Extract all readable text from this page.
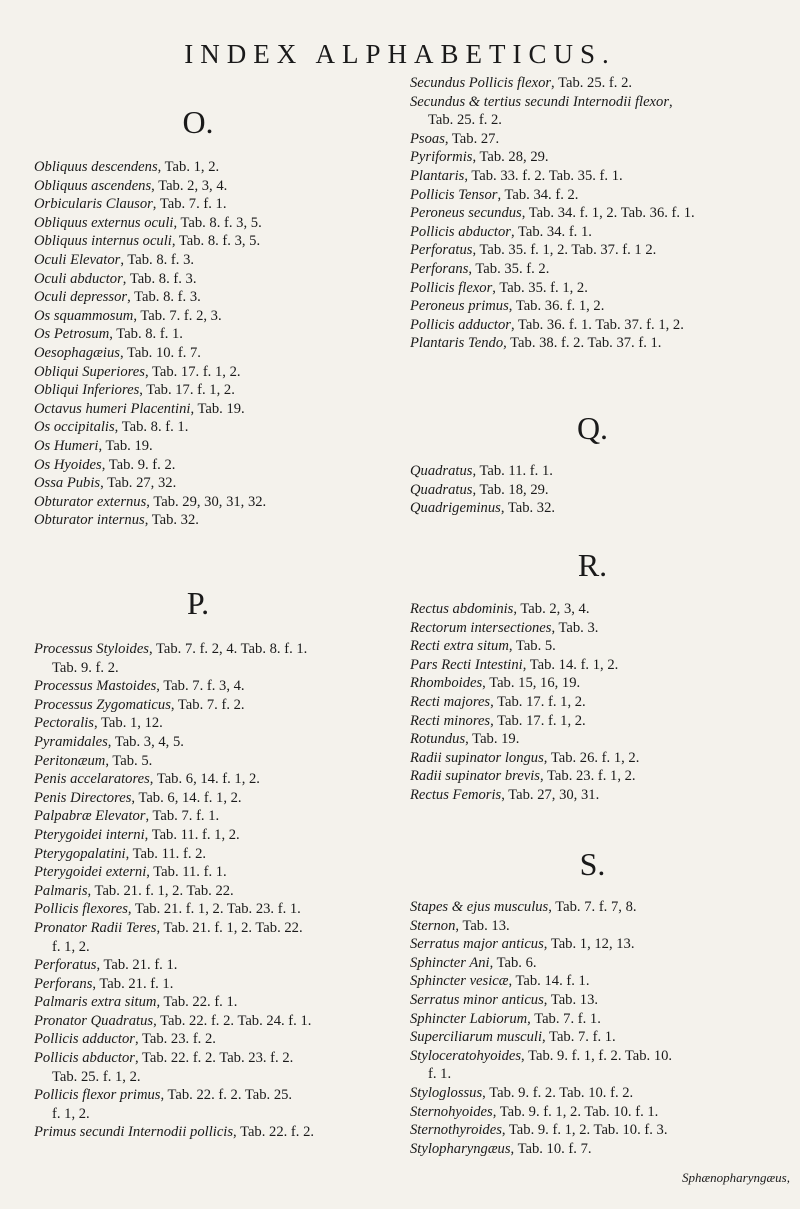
INDEX ALPHABETICUS.
O.
Obliquus descendens, Tab. 1, 2.
Obliquus ascendens, Tab. 2, 3, 4.
Orbicularis Clausor, Tab. 7. f. 1.
Obliquus externus oculi, Tab. 8. f. 3, 5.
Obliquus internus oculi, Tab. 8. f. 3, 5.
Oculi Elevator, Tab. 8. f. 3.
Oculi abductor, Tab. 8. f. 3.
Oculi depressor, Tab. 8. f. 3.
Os squammosum, Tab. 7. f. 2, 3.
Os Petrosum, Tab. 8. f. 1.
Oesophagæius, Tab. 10. f. 7.
Obliqui Superiores, Tab. 17. f. 1, 2.
Obliqui Inferiores, Tab. 17. f. 1, 2.
Octavus humeri Placentini, Tab. 19.
Os occipitalis, Tab. 8. f. 1.
Os Humeri, Tab. 19.
Os Hyoides, Tab. 9. f. 2.
Ossa Pubis, Tab. 27, 32.
Obturator externus, Tab. 29, 30, 31, 32.
Obturator internus, Tab. 32.
P.
Processus Styloides, Tab. 7. f. 2, 4. Tab. 8. f. 1.
Tab. 9. f. 2.
Processus Mastoides, Tab. 7. f. 3, 4.
Processus Zygomaticus, Tab. 7. f. 2.
Pectoralis, Tab. 1, 12.
Pyramidales, Tab. 3, 4, 5.
Peritonæum, Tab. 5.
Penis accelaratores, Tab. 6, 14. f. 1, 2.
Penis Directores, Tab. 6, 14. f. 1, 2.
Palpabræ Elevator, Tab. 7. f. 1.
Pterygoidei interni, Tab. 11. f. 1, 2.
Pterygopalatini, Tab. 11. f. 2.
Pterygoidei externi, Tab. 11. f. 1.
Palmaris, Tab. 21. f. 1, 2. Tab. 22.
Pollicis flexores, Tab. 21. f. 1, 2. Tab. 23. f. 1.
Pronator Radii Teres, Tab. 21. f. 1, 2. Tab. 22.
f. 1, 2.
Perforatus, Tab. 21. f. 1.
Perforans, Tab. 21. f. 1.
Palmaris extra situm, Tab. 22. f. 1.
Pronator Quadratus, Tab. 22. f. 2. Tab. 24. f. 1.
Pollicis adductor, Tab. 23. f. 2.
Pollicis abductor, Tab. 22. f. 2. Tab. 23. f. 2.
Tab. 25. f. 1, 2.
Pollicis flexor primus, Tab. 22. f. 2. Tab. 25.
f. 1, 2.
Primus secundi Internodii pollicis, Tab. 22. f. 2.
Secundus Pollicis flexor, Tab. 25. f. 2.
Secundus & tertius secundi Internodii flexor,
Tab. 25. f. 2.
Psoas, Tab. 27.
Pyriformis, Tab. 28, 29.
Plantaris, Tab. 33. f. 2. Tab. 35. f. 1.
Pollicis Tensor, Tab. 34. f. 2.
Peroneus secundus, Tab. 34. f. 1, 2. Tab. 36. f. 1.
Pollicis abductor, Tab. 34. f. 1.
Perforatus, Tab. 35. f. 1, 2. Tab. 37. f. 1 2.
Perforans, Tab. 35. f. 2.
Pollicis flexor, Tab. 35. f. 1, 2.
Peroneus primus, Tab. 36. f. 1, 2.
Pollicis adductor, Tab. 36. f. 1. Tab. 37. f. 1, 2.
Plantaris Tendo, Tab. 38. f. 2. Tab. 37. f. 1.
Q.
Quadratus, Tab. 11. f. 1.
Quadratus, Tab. 18, 29.
Quadrigeminus, Tab. 32.
R.
Rectus abdominis, Tab. 2, 3, 4.
Rectorum intersectiones, Tab. 3.
Recti extra situm, Tab. 5.
Pars Recti Intestini, Tab. 14. f. 1, 2.
Rhomboides, Tab. 15, 16, 19.
Recti majores, Tab. 17. f. 1, 2.
Recti minores, Tab. 17. f. 1, 2.
Rotundus, Tab. 19.
Radii supinator longus, Tab. 26. f. 1, 2.
Radii supinator brevis, Tab. 23. f. 1, 2.
Rectus Femoris, Tab. 27, 30, 31.
S.
Stapes & ejus musculus, Tab. 7. f. 7, 8.
Sternon, Tab. 13.
Serratus major anticus, Tab. 1, 12, 13.
Sphincter Ani, Tab. 6.
Sphincter vesicæ, Tab. 14. f. 1.
Serratus minor anticus, Tab. 13.
Sphincter Labiorum, Tab. 7. f. 1.
Superciliarum musculi, Tab. 7. f. 1.
Styloceratohyoides, Tab. 9. f. 1, f. 2. Tab. 10.
f. 1.
Styloglossus, Tab. 9. f. 2. Tab. 10. f. 2.
Sternohyoides, Tab. 9. f. 1, 2. Tab. 10. f. 1.
Sternothyroides, Tab. 9. f. 1, 2. Tab. 10. f. 3.
Stylopharyngæus, Tab. 10. f. 7.
Sphænopharyngæus,
